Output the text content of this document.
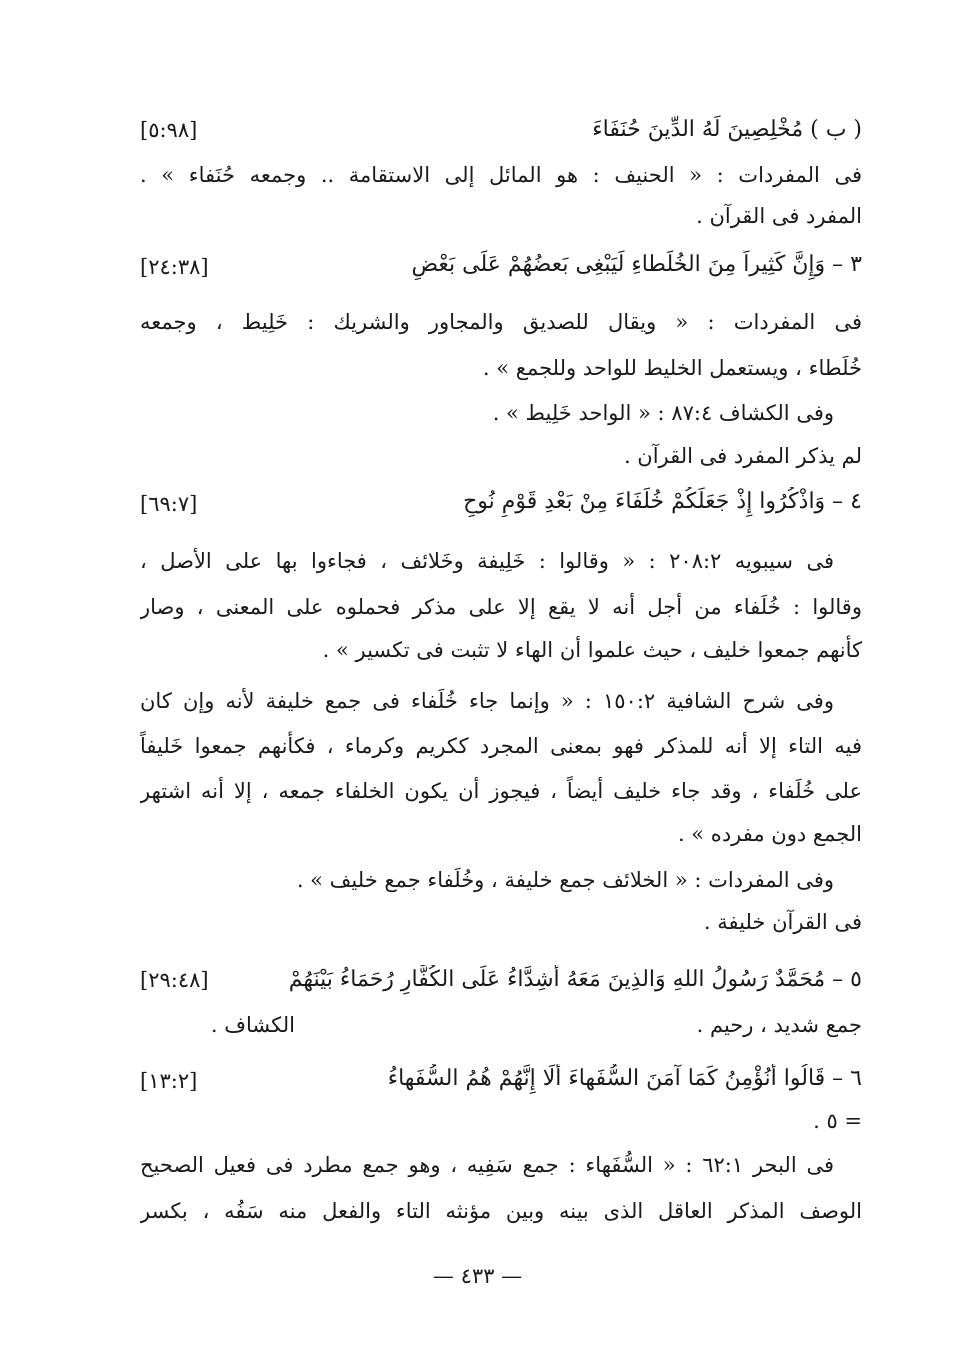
( ب ) مُخْلِصِينَ لَهُ الدِّينَ حُنَفَاءَ
[٥:٩٨]
فى المفردات : « الحنيف : هو المائل إلى الاستقامة .. وجمعه حُنَفاء » .
المفرد فى القرآن .
٣ – وَإِنَّ كَثِيراً مِنَ الخُلَطاءِ لَيَبْغِى بَعضُهُمْ عَلَى بَعْضٍ
[٢٤:٣٨]
فى المفردات : « ويقال للصديق والمجاور والشريك : خَلِيط ، وجمعه
خُلَطاء ، ويستعمل الخليط للواحد وللجمع » .
وفى الكشاف ٨٧:٤ : « الواحد خَلِيط » .
لم يذكر المفرد فى القرآن .
٤ – وَاذْكُرُوا إِذْ جَعَلَكُمْ خُلَفَاءَ مِنْ بَعْدِ قَوْمِ نُوحٍ
[٦٩:٧]
فى سيبويه ٢٠٨:٢ : « وقالوا : خَلِيفة وخَلائف ، فجاءوا بها على الأصل ،
وقالوا : خُلَفاء من أجل أنه لا يقع إلا على مذكر فحملوه على المعنى ، وصار
كأنهم جمعوا خليف ، حيث علموا أن الهاء لا تثبت فى تكسير » .
وفى شرح الشافية ١٥٠:٢ : « وإنما جاء خُلَفاء فى جمع خليفة لأنه وإن كان
فيه التاء إلا أنه للمذكر فهو بمعنى المجرد ككريم وكرماء ، فكأنهم جمعوا خَليفاً
على خُلَفاء ، وقد جاء خليف أيضاً ، فيجوز أن يكون الخلفاء جمعه ، إلا أنه اشتهر
الجمع دون مفرده » .
وفى المفردات : « الخلائف جمع خليفة ، وخُلَفاء جمع خليف » .
فى القرآن خليفة .
٥ – مُحَمَّدٌ رَسُولُ اللهِ وَالذِينَ مَعَهُ أَشِدَّاءُ عَلَى الكُفَّارِ رُحَمَاءُ بَيْنَهُمْ
[٢٩:٤٨]
جمع شديد ، رحيم .
الكشاف .
٦ – قَالُوا أَنُؤْمِنُ كَمَا آمَنَ السُّفَهاءَ أَلَا إِنَّهُمْ هُمُ السُّفَهاءُ
[١٣:٢]
= ٥ .
فى البحر ٦٢:١ : « السُّفَهاء : جمع سَفِيه ، وهو جمع مطرد فى فعيل الصحيح
الوصف المذكر العاقل الذى بينه وبين مؤنثه التاء والفعل منه سَفُه ، بكسر
— ٤٣٣ —
